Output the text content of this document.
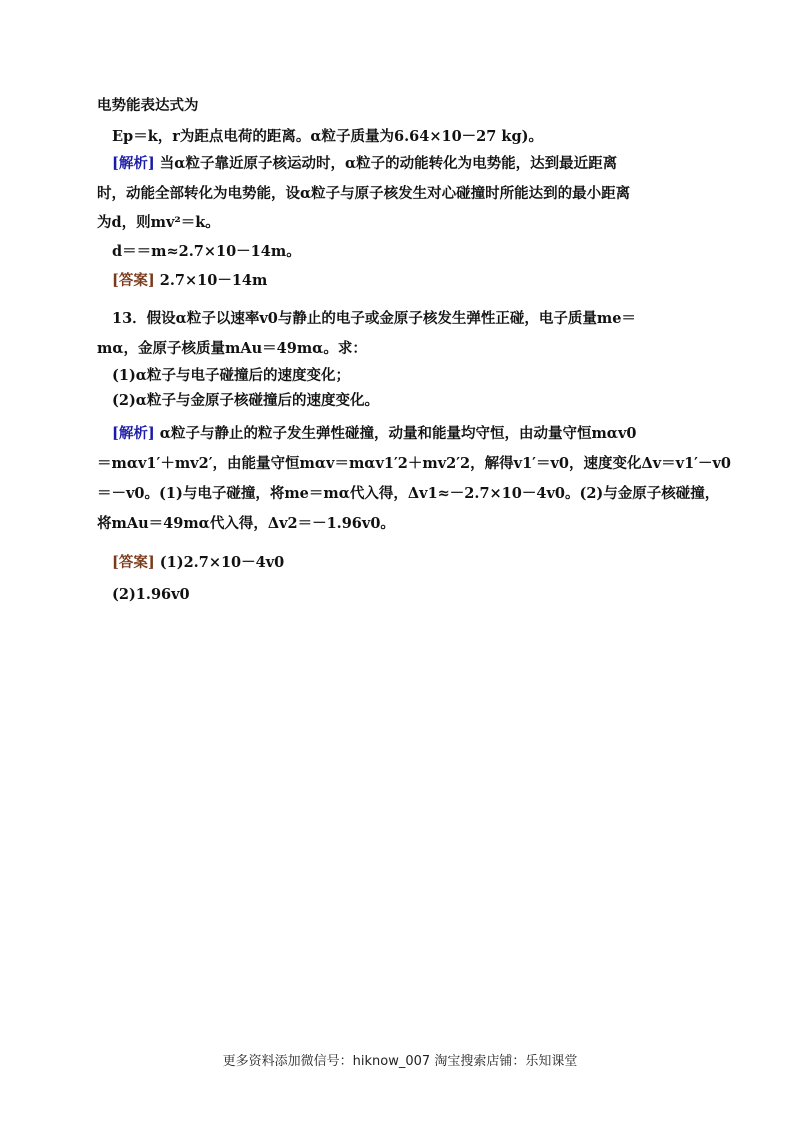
电势能表达式为
Ep＝k，r为距点电荷的距离。α粒子质量为6.64×10－27 kg)。
[解析] 当α粒子靠近原子核运动时，α粒子的动能转化为电势能，达到最近距离
时，动能全部转化为电势能，设α粒子与原子核发生对心碰撞时所能达到的最小距离
为d，则mv²＝k。
d＝＝m≈2.7×10－14m。
[答案] 2.7×10－14m
13．假设α粒子以速率v0与静止的电子或金原子核发生弹性正碰，电子质量me＝
mα，金原子核质量mAu＝49mα。求：
(1)α粒子与电子碰撞后的速度变化；
(2)α粒子与金原子核碰撞后的速度变化。
[解析] α粒子与静止的粒子发生弹性碰撞，动量和能量均守恒，由动量守恒mαv0
＝mαv1′＋mv2′，由能量守恒mαv＝mαv1′2＋mv2′2，解得v1′＝v0，速度变化Δv＝v1′－v0
＝－v0。(1)与电子碰撞，将me＝mα代入得，Δv1≈－2.7×10－4v0。(2)与金原子核碰撞，
将mAu＝49mα代入得，Δv2＝－1.96v0。
[答案] (1)2.7×10－4v0
(2)1.96v0
更多资料添加微信号：hiknow_007 淘宝搜索店铺：乐知课堂
